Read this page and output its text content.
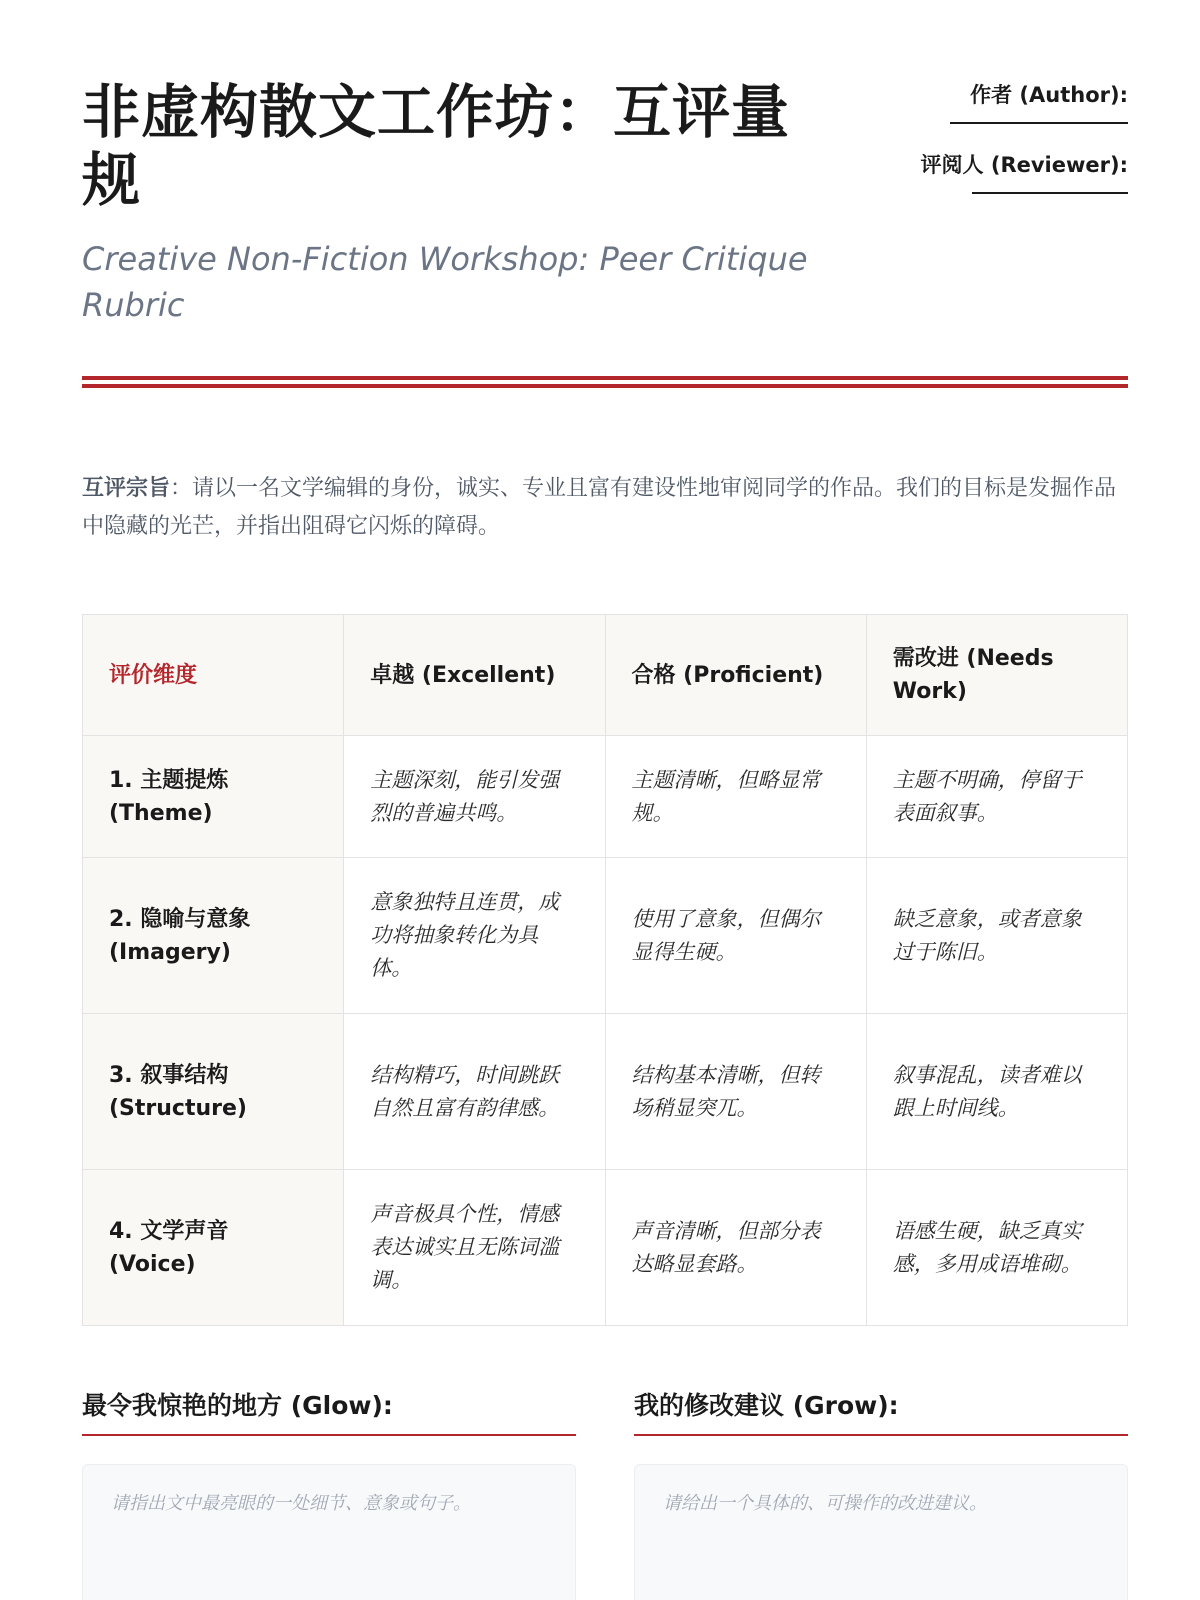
非虚构散文工作坊：互评量规
Creative Non-Fiction Workshop: Peer Critique Rubric
作者 (Author):
评阅人 (Reviewer):

互评宗旨：请以一名文学编辑的身份，诚实、专业且富有建设性地审阅同学的作品。我们的目标是发掘作品中隐藏的光芒，并指出阻碍它闪烁的障碍。

评价维度	卓越 (Excellent)	合格 (Proficient)	需改进 (Needs Work)
1. 主题提炼 (Theme)	主题深刻，能引发强烈的普遍共鸣。	主题清晰，但略显常规。	主题不明确，停留于表面叙事。
2. 隐喻与意象 (Imagery)	意象独特且连贯，成功将抽象转化为具体。	使用了意象，但偶尔显得生硬。	缺乏意象，或者意象过于陈旧。
3. 叙事结构 (Structure)	结构精巧，时间跳跃自然且富有韵律感。	结构基本清晰，但转场稍显突兀。	叙事混乱，读者难以跟上时间线。
4. 文学声音 (Voice)	声音极具个性，情感表达诚实且无陈词滥调。	声音清晰，但部分表达略显套路。	语感生硬，缺乏真实感，多用成语堆砌。
最令我惊艳的地方 (Glow):
请指出文中最亮眼的一处细节、意象或句子。
我的修改建议 (Grow):
请给出一个具体的、可操作的改进建议。
